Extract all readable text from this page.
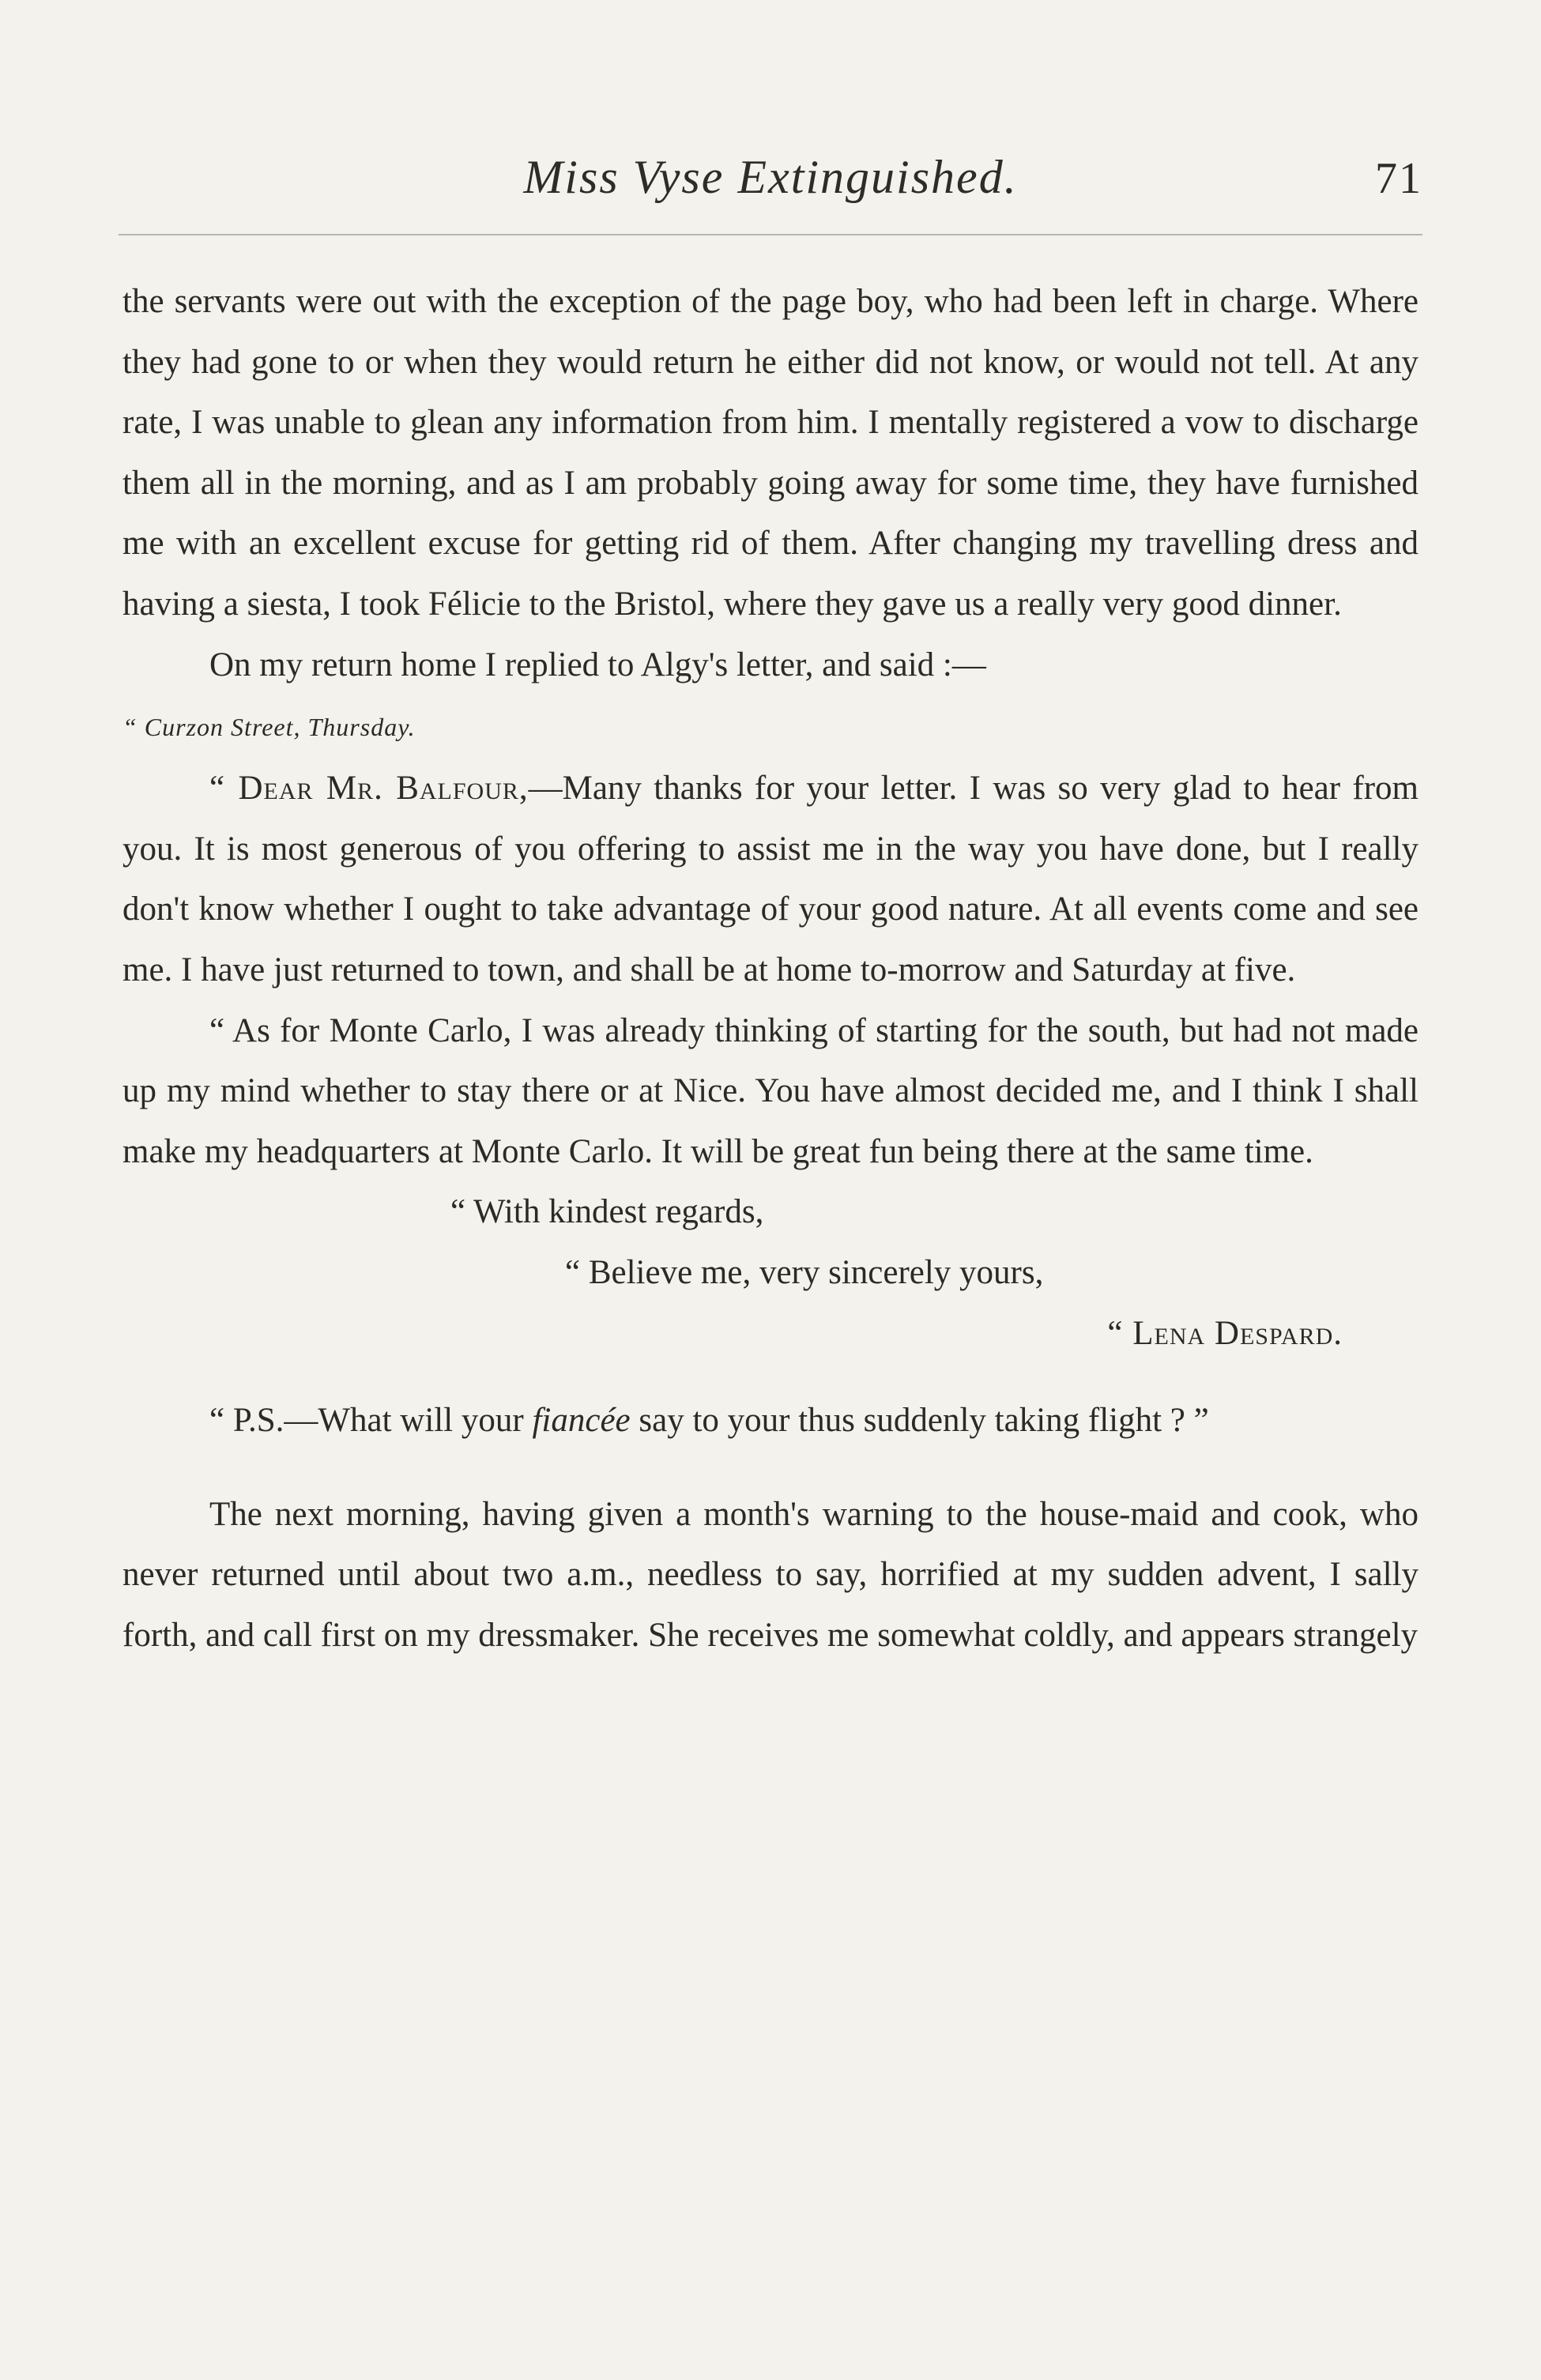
Miss Vyse Extinguished.	71

the servants were out with the exception of the page boy, who had been left in charge. Where they had gone to or when they would return he either did not know, or would not tell. At any rate, I was unable to glean any information from him. I mentally registered a vow to discharge them all in the morning, and as I am probably going away for some time, they have furnished me with an excellent excuse for getting rid of them. After changing my travelling dress and having a siesta, I took Félicie to the Bristol, where they gave us a really very good dinner.

On my return home I replied to Algy's letter, and said :—

“ Curzon Street, Thursday.

“ Dear Mr. Balfour,—Many thanks for your letter. I was so very glad to hear from you. It is most generous of you offering to assist me in the way you have done, but I really don't know whether I ought to take advantage of your good nature. At all events come and see me. I have just returned to town, and shall be at home to-morrow and Saturday at five.

“ As for Monte Carlo, I was already thinking of starting for the south, but had not made up my mind whether to stay there or at Nice. You have almost decided me, and I think I shall make my headquarters at Monte Carlo. It will be great fun being there at the same time.

“ With kindest regards,

“ Believe me, very sincerely yours,

“ Lena Despard.

“ P.S.—What will your fiancée say to your thus suddenly taking flight ? ”

The next morning, having given a month's warning to the house-maid and cook, who never returned until about two a.m., needless to say, horrified at my sudden advent, I sally forth, and call first on my dressmaker. She receives me somewhat coldly, and appears strangely
